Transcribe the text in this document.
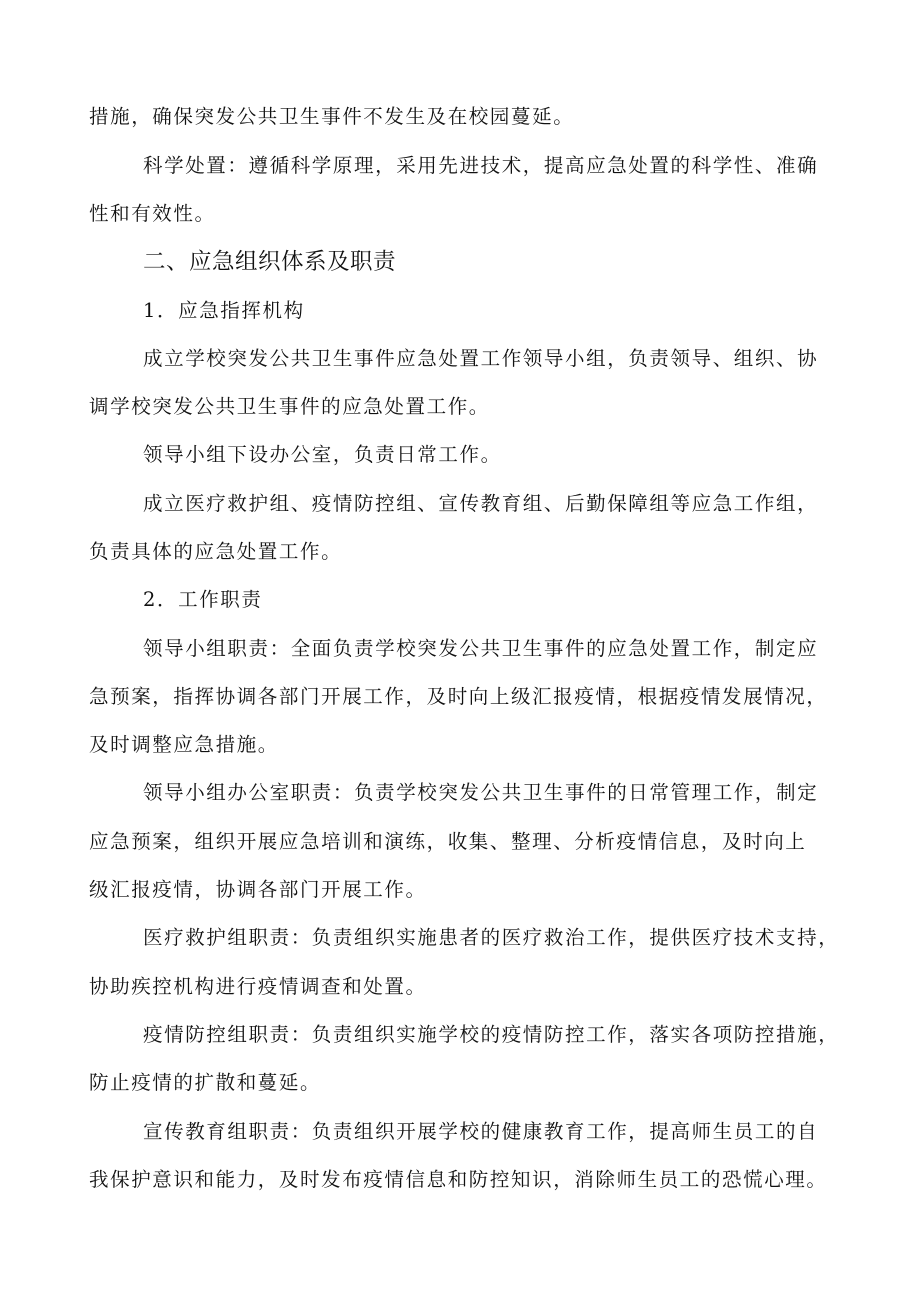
措施，确保突发公共卫生事件不发生及在校园蔓延。

科学处置：遵循科学原理，采用先进技术，提高应急处置的科学性、准确

性和有效性。

二、应急组织体系及职责

1．应急指挥机构

成立学校突发公共卫生事件应急处置工作领导小组，负责领导、组织、协

调学校突发公共卫生事件的应急处置工作。

领导小组下设办公室，负责日常工作。

成立医疗救护组、疫情防控组、宣传教育组、后勤保障组等应急工作组，

负责具体的应急处置工作。

2．工作职责

领导小组职责：全面负责学校突发公共卫生事件的应急处置工作，制定应

急预案，指挥协调各部门开展工作，及时向上级汇报疫情，根据疫情发展情况，

及时调整应急措施。

领导小组办公室职责：负责学校突发公共卫生事件的日常管理工作，制定

应急预案，组织开展应急培训和演练，收集、整理、分析疫情信息，及时向上

级汇报疫情，协调各部门开展工作。

医疗救护组职责：负责组织实施患者的医疗救治工作，提供医疗技术支持，

协助疾控机构进行疫情调查和处置。

疫情防控组职责：负责组织实施学校的疫情防控工作，落实各项防控措施，

防止疫情的扩散和蔓延。

宣传教育组职责：负责组织开展学校的健康教育工作，提高师生员工的自

我保护意识和能力，及时发布疫情信息和防控知识，消除师生员工的恐慌心理。
